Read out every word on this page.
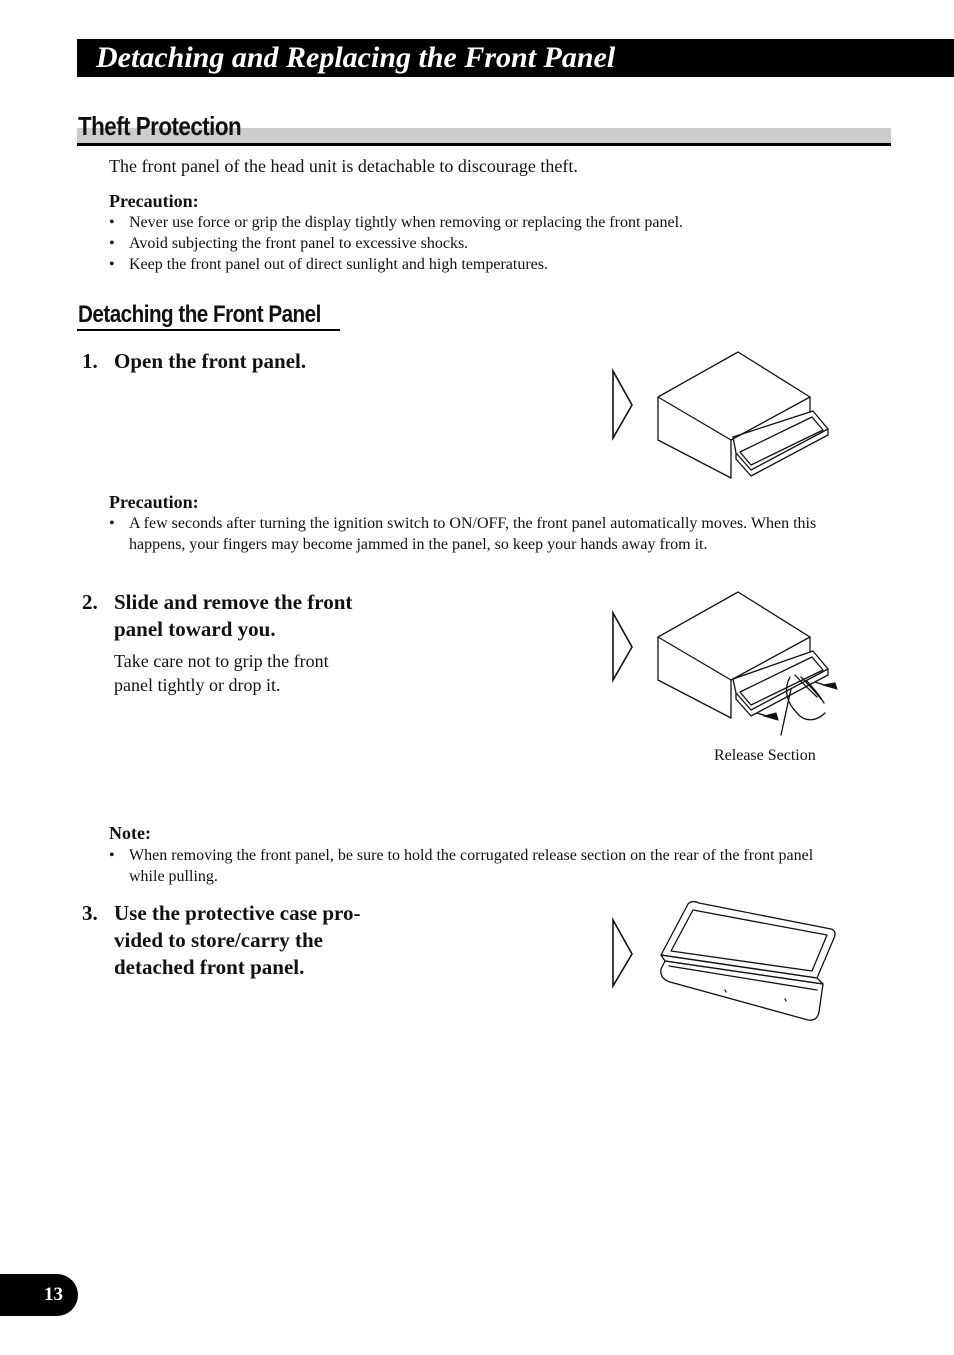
Detaching and Replacing the Front Panel
Theft Protection
The front panel of the head unit is detachable to discourage theft.
Precaution:
• Never use force or grip the display tightly when removing or replacing the front panel.
• Avoid subjecting the front panel to excessive shocks.
• Keep the front panel out of direct sunlight and high temperatures.
Detaching the Front Panel
1. Open the front panel.
Precaution:
• A few seconds after turning the ignition switch to ON/OFF, the front panel automatically moves. When this happens, your fingers may become jammed in the panel, so keep your hands away from it.
2. Slide and remove the front
panel toward you.
Take care not to grip the front
panel tightly or drop it.
Release Section
Note:
• When removing the front panel, be sure to hold the corrugated release section on the rear of the front panel while pulling.
3. Use the protective case pro-
vided to store/carry the
detached front panel.
13
